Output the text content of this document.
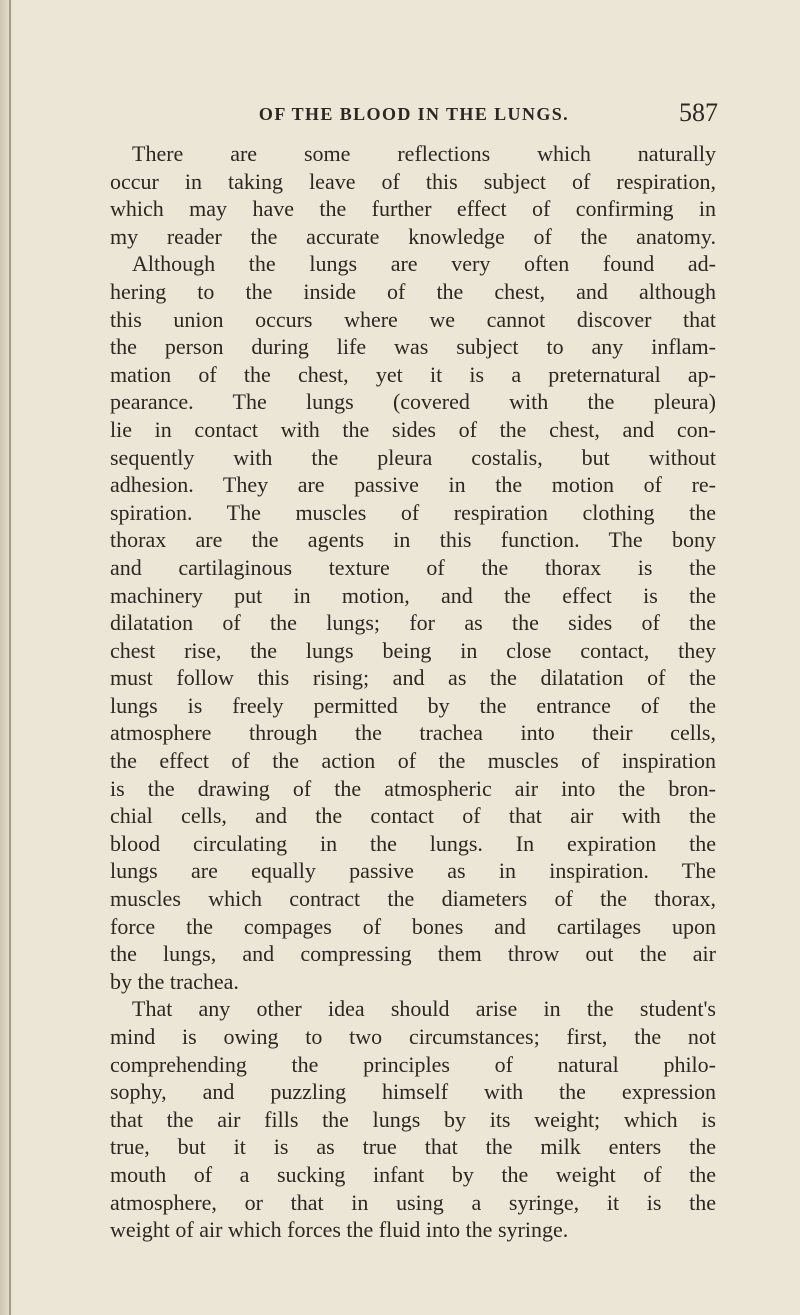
OF THE BLOOD IN THE LUNGS.	587
There are some reflections which naturally
occur in taking leave of this subject of respiration,
which may have the further effect of confirming in
my reader the accurate knowledge of the anatomy.
Although the lungs are very often found ad-
hering to the inside of the chest, and although
this union occurs where we cannot discover that
the person during life was subject to any inflam-
mation of the chest, yet it is a preternatural ap-
pearance. The lungs (covered with the pleura)
lie in contact with the sides of the chest, and con-
sequently with the pleura costalis, but without
adhesion. They are passive in the motion of re-
spiration. The muscles of respiration clothing the
thorax are the agents in this function. The bony
and cartilaginous texture of the thorax is the
machinery put in motion, and the effect is the
dilatation of the lungs; for as the sides of the
chest rise, the lungs being in close contact, they
must follow this rising; and as the dilatation of the
lungs is freely permitted by the entrance of the
atmosphere through the trachea into their cells,
the effect of the action of the muscles of inspiration
is the drawing of the atmospheric air into the bron-
chial cells, and the contact of that air with the
blood circulating in the lungs. In expiration the
lungs are equally passive as in inspiration. The
muscles which contract the diameters of the thorax,
force the compages of bones and cartilages upon
the lungs, and compressing them throw out the air
by the trachea.
That any other idea should arise in the student's
mind is owing to two circumstances; first, the not
comprehending the principles of natural philo-
sophy, and puzzling himself with the expression
that the air fills the lungs by its weight; which is
true, but it is as true that the milk enters the
mouth of a sucking infant by the weight of the
atmosphere, or that in using a syringe, it is the
weight of air which forces the fluid into the syringe.
